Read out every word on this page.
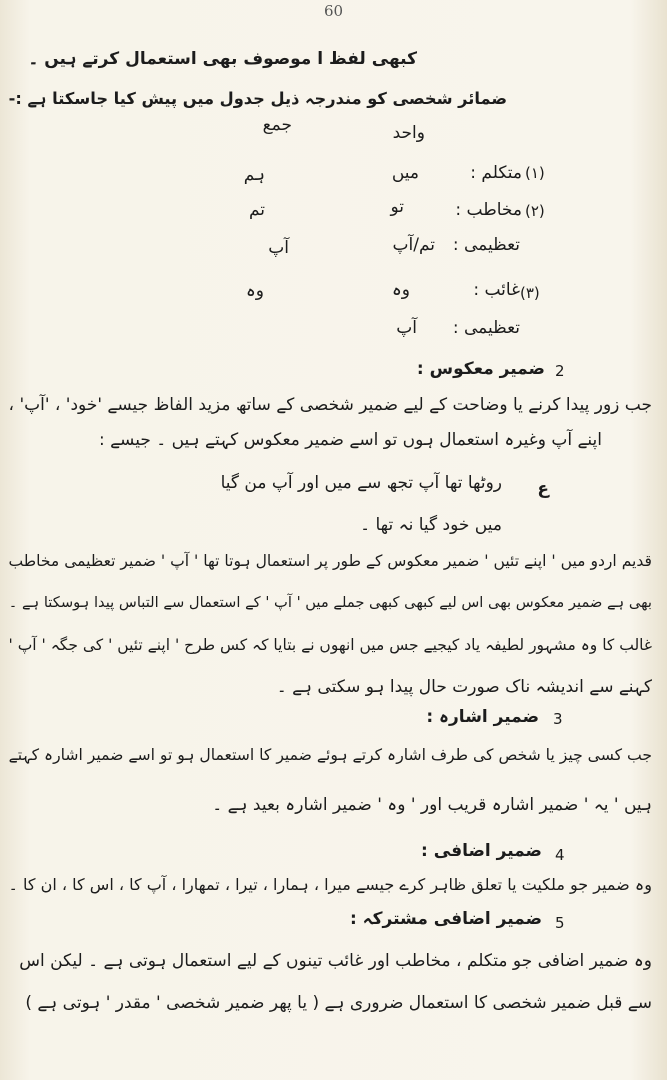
60
کبھی لفظ ا موصوف بھی استعمال کرتے ہیں ۔
ضمائر شخصی کو مندرجہ ذیل جدول میں پیش کیا جاسکتا ہے :-
جمع	واحد
(۱)
متکلم :
میں
ہم
(۲)
مخاطب :
تو
تم
تعظیمی :
تم/آپ
آپ
(۳)
غائب :
وہ
وہ
تعظیمی :
آپ
2
ضمیر معکوس :
جب زور پیدا کرنے یا وضاحت کے لیے ضمیر شخصی کے ساتھ مزید الفاظ جیسے 'خود' ، 'آپ' ،
اپنے آپ وغیرہ استعمال ہوں تو اسے ضمیر معکوس کہتے ہیں ۔ جیسے :
ع
روٹھا تھا آپ تجھ سے میں اور آپ من گیا
میں خود گیا نہ تھا ۔
قدیم اردو میں ' اپنے تئیں ' ضمیر معکوس کے طور پر استعمال ہوتا تھا ' آپ ' ضمیر تعظیمی مخاطب
بھی ہے ضمیر معکوس بھی اس لیے کبھی کبھی جملے میں ' آپ ' کے استعمال سے التباس پیدا ہوسکتا ہے ۔
غالب کا وہ مشہور لطیفہ یاد کیجیے جس میں انھوں نے بتایا کہ کس طرح ' اپنے تئیں ' کی جگہ ' آپ '
کہنے سے اندیشہ ناک صورت حال پیدا ہو سکتی ہے ۔
3
ضمیر اشارہ :
جب کسی چیز یا شخص کی طرف اشارہ کرتے ہوئے ضمیر کا استعمال ہو تو اسے ضمیر اشارہ کہتے
ہیں ' یہ ' ضمیر اشارہ قریب اور ' وہ ' ضمیر اشارہ بعید ہے ۔
4
ضمیر اضافی :
وہ ضمیر جو ملکیت یا تعلق ظاہر کرے جیسے میرا ، ہمارا ، تیرا ، تمھارا ، آپ کا ، اس کا ، ان کا ۔
5
ضمیر اضافی مشترکہ :
وہ ضمیر اضافی جو متکلم ، مخاطب اور غائب تینوں کے لیے استعمال ہوتی ہے ۔ لیکن اس
سے قبل ضمیر شخصی کا استعمال ضروری ہے ( یا پھر ضمیر شخصی ' مقدر ' ہوتی ہے )
